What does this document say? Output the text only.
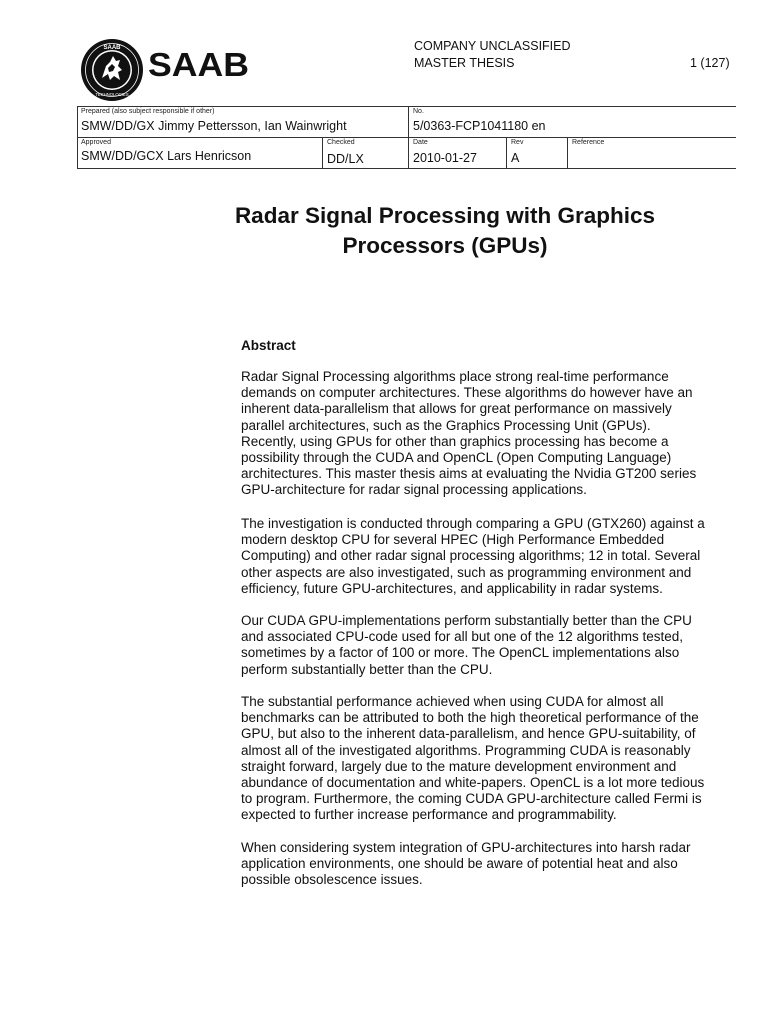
SAAB
TECHNOLOGIES
SAAB	COMPANY UNCLASSIFIED
MASTER THESIS	1 (127)
Prepared (also subject responsible if other)
SMW/DD/GX Jimmy Pettersson, Ian Wainwright
No.
5/0363-FCP1041180 en
Approved
SMW/DD/GCX Lars Henricson
Checked
DD/LX
Date
2010-01-27
Rev
A
Reference
Radar Signal Processing with Graphics
Processors (GPUs)
Abstract
Radar Signal Processing algorithms place strong real-time performance
demands on computer architectures. These algorithms do however have an
inherent data-parallelism that allows for great performance on massively
parallel architectures, such as the Graphics Processing Unit (GPUs).
Recently, using GPUs for other than graphics processing has become a
possibility through the CUDA and OpenCL (Open Computing Language)
architectures. This master thesis aims at evaluating the Nvidia GT200 series
GPU-architecture for radar signal processing applications.
The investigation is conducted through comparing a GPU (GTX260) against a
modern desktop CPU for several HPEC (High Performance Embedded
Computing) and other radar signal processing algorithms; 12 in total. Several
other aspects are also investigated, such as programming environment and
efficiency, future GPU-architectures, and applicability in radar systems.
Our CUDA GPU-implementations perform substantially better than the CPU
and associated CPU-code used for all but one of the 12 algorithms tested,
sometimes by a factor of 100 or more. The OpenCL implementations also
perform substantially better than the CPU.
The substantial performance achieved when using CUDA for almost all
benchmarks can be attributed to both the high theoretical performance of the
GPU, but also to the inherent data-parallelism, and hence GPU-suitability, of
almost all of the investigated algorithms. Programming CUDA is reasonably
straight forward, largely due to the mature development environment and
abundance of documentation and white-papers. OpenCL is a lot more tedious
to program. Furthermore, the coming CUDA GPU-architecture called Fermi is
expected to further increase performance and programmability.
When considering system integration of GPU-architectures into harsh radar
application environments, one should be aware of potential heat and also
possible obsolescence issues.
